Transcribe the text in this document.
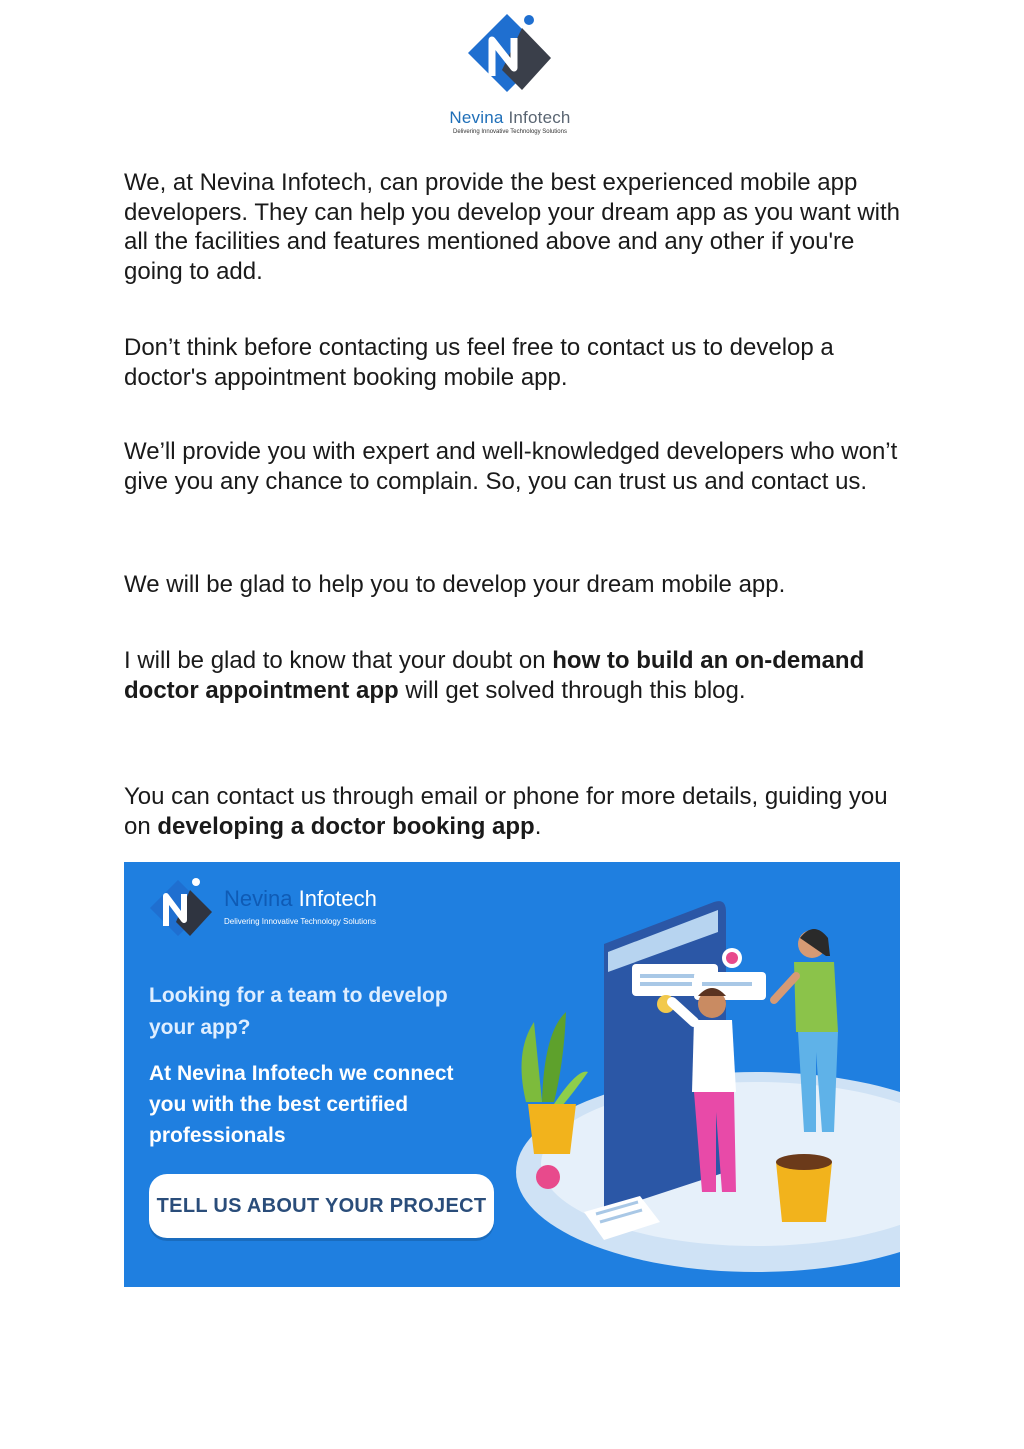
Nevina Infotech
Delivering Innovative Technology Solutions

We, at Nevina Infotech, can provide the best experienced mobile app developers. They can help you develop your dream app as you want with all the facilities and features mentioned above and any other if you're going to add.

Don’t think before contacting us feel free to contact us to develop a doctor's appointment booking mobile app.

We’ll provide you with expert and well-knowledged developers who won’t give you any chance to complain. So, you can trust us and contact us.

We will be glad to help you to develop your dream mobile app.

I will be glad to know that your doubt on how to build an on-demand doctor appointment app will get solved through this blog.

You can contact us through email or phone for more details, guiding you on developing a doctor booking app.

Nevina Infotech
Delivering Innovative Technology Solutions

Looking for a team to develop your app?

At Nevina Infotech we connect you with the best certified professionals

TELL US ABOUT YOUR PROJECT
